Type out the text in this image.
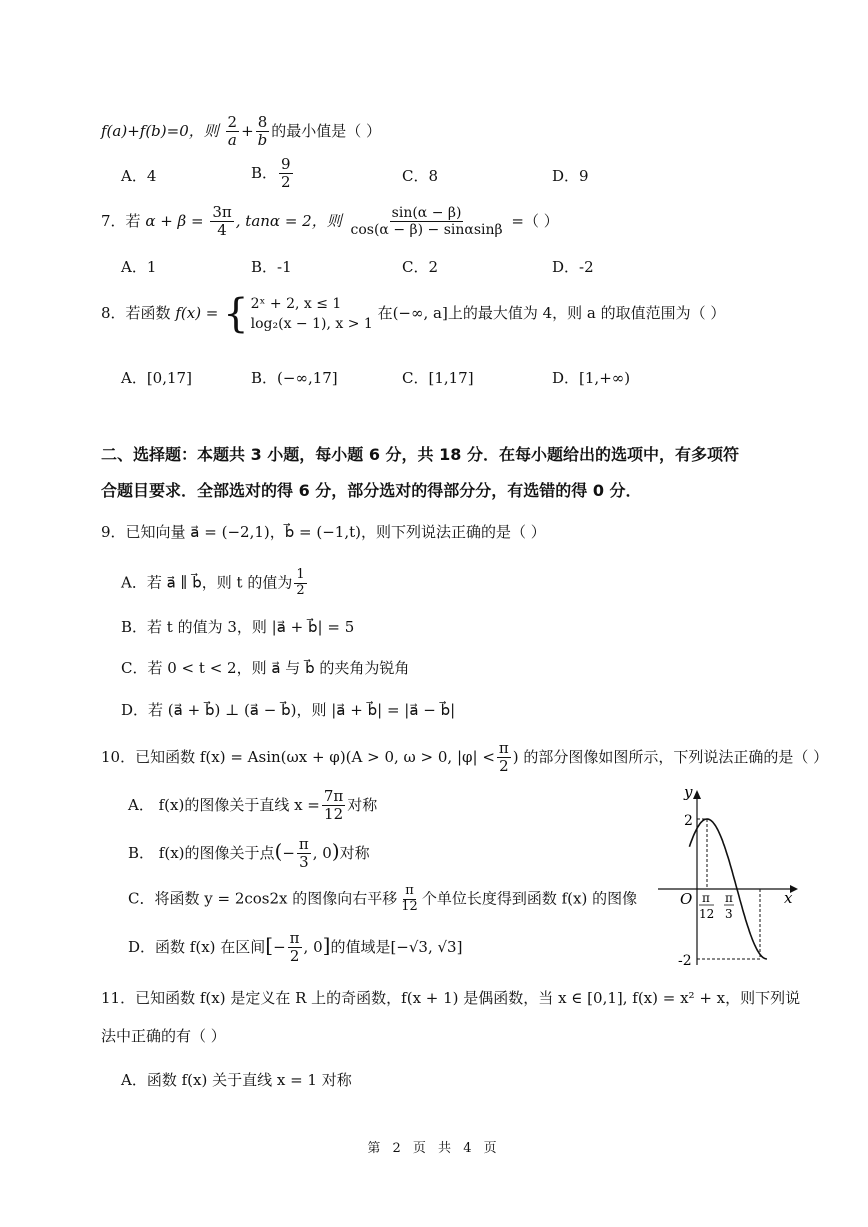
f(a)+f(b)=0，则 $\frac{2}{a} + \frac{8}{b}$ 的最小值是（ ）
A．4	B． $\frac{9}{2}$	C．8	D．9
7．若 $\alpha + \beta = \frac{3\pi}{4}$ , tanα = 2，则 $\frac{\sin(\alpha - \beta)}{\cos(\alpha - \beta) - \sin\alpha\sin\beta}$ =（ ）
A．1	B．-1	C．2	D．-2
8．若函数 f(x) = { 2ˣ + 2, x ≤ 1
log₂(x − 1), x > 1
在(−∞, a]上的最大值为 4，则 a 的取值范围为（ ）
A．[0,17]	B．(−∞,17]	C．[1,17]	D．[1,+∞)
二、选择题：本题共 3 小题，每小题 6 分，共 18 分．在每小题给出的选项中，有多项符
合题目要求．全部选对的得 6 分，部分选对的得部分分，有选错的得 0 分．
9．已知向量 a⃗ = (−2,1)，b⃗ = (−1,t)，则下列说法正确的是（ ）
A．若 a⃗ ∥ b⃗，则 t 的值为 $\frac{1}{2}$
B．若 t 的值为 3，则 |a⃗ + b⃗| = 5
C．若 0 < t < 2，则 a⃗ 与 b⃗ 的夹角为锐角
D．若 (a⃗ + b⃗) ⊥ (a⃗ − b⃗)，则 |a⃗ + b⃗| = |a⃗ − b⃗|
10．已知函数 f(x) = Asin(ωx + φ)(A > 0, ω > 0, $|\varphi| < \frac{\pi}{2}$ ) 的部分图像如图所示，下列说法正确的是（ ）
A． f(x)的图像关于直线 $x = \frac{7\pi}{12}$ 对称
B． f(x)的图像关于点(− $\frac{\pi}{3}$ , 0)对称
C．将函数 y = 2cos2x 的图像向右平移 $\frac{\pi}{12}$ 个单位长度得到函数 f(x) 的图像
D．函数 f(x) 在区间[− $\frac{\pi}{2}$ , 0]的值域是[−√3, √3]
y
x
O
2
-2
π
12
π
3
11．已知函数 f(x) 是定义在 R 上的奇函数，f(x + 1) 是偶函数，当 x ∈ [0,1], f(x) = x² + x，则下列说
法中正确的有（ ）
A．函数 f(x) 关于直线 x = 1 对称
第 2 页 共 4 页
